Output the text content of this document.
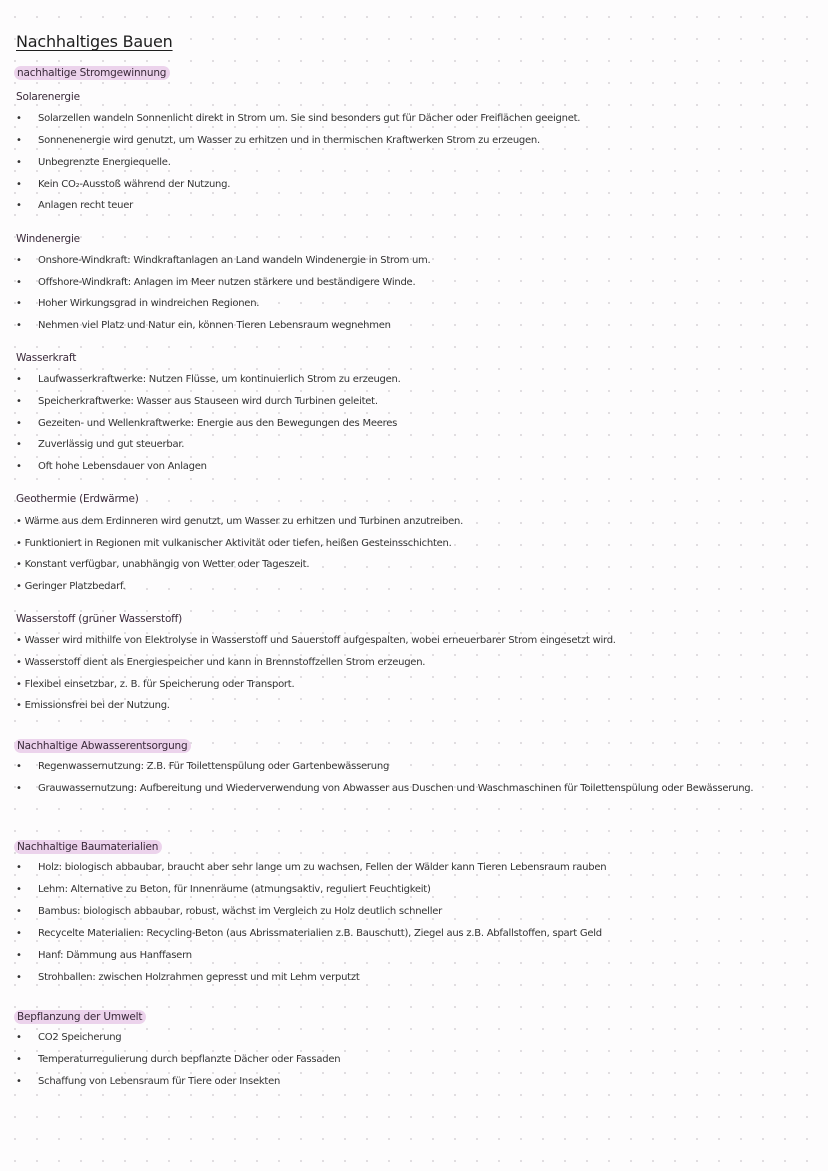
Nachhaltiges Bauen
nachhaltige Stromgewinnung
Solarenergie
• Solarzellen wandeln Sonnenlicht direkt in Strom um. Sie sind besonders gut für Dächer oder Freiflächen geeignet.
• Sonnenenergie wird genutzt, um Wasser zu erhitzen und in thermischen Kraftwerken Strom zu erzeugen.
• Unbegrenzte Energiequelle.
• Kein CO₂-Ausstoß während der Nutzung.
• Anlagen recht teuer
Windenergie
• Onshore-Windkraft: Windkraftanlagen an Land wandeln Windenergie in Strom um.
• Offshore-Windkraft: Anlagen im Meer nutzen stärkere und beständigere Winde.
• Hoher Wirkungsgrad in windreichen Regionen.
• Nehmen viel Platz und Natur ein, können Tieren Lebensraum wegnehmen
Wasserkraft
• Laufwasserkraftwerke: Nutzen Flüsse, um kontinuierlich Strom zu erzeugen.
• Speicherkraftwerke: Wasser aus Stauseen wird durch Turbinen geleitet.
• Gezeiten- und Wellenkraftwerke: Energie aus den Bewegungen des Meeres
• Zuverlässig und gut steuerbar.
• Oft hohe Lebensdauer von Anlagen
Geothermie (Erdwärme)
• Wärme aus dem Erdinneren wird genutzt, um Wasser zu erhitzen und Turbinen anzutreiben.
• Funktioniert in Regionen mit vulkanischer Aktivität oder tiefen, heißen Gesteinsschichten.
• Konstant verfügbar, unabhängig von Wetter oder Tageszeit.
• Geringer Platzbedarf.
Wasserstoff (grüner Wasserstoff)
• Wasser wird mithilfe von Elektrolyse in Wasserstoff und Sauerstoff aufgespalten, wobei erneuerbarer Strom eingesetzt wird.
• Wasserstoff dient als Energiespeicher und kann in Brennstoffzellen Strom erzeugen.
• Flexibel einsetzbar, z. B. für Speicherung oder Transport.
• Emissionsfrei bei der Nutzung.
Nachhaltige Abwasserentsorgung
• Regenwassernutzung: Z.B. Für Toilettenspülung oder Gartenbewässerung
• Grauwassernutzung: Aufbereitung und Wiederverwendung von Abwasser aus Duschen und Waschmaschinen für Toilettenspülung oder Bewässerung.
Nachhaltige Baumaterialien
• Holz: biologisch abbaubar, braucht aber sehr lange um zu wachsen, Fellen der Wälder kann Tieren Lebensraum rauben
• Lehm: Alternative zu Beton, für Innenräume (atmungsaktiv, reguliert Feuchtigkeit)
• Bambus: biologisch abbaubar, robust, wächst im Vergleich zu Holz deutlich schneller
• Recycelte Materialien: Recycling-Beton (aus Abrissmaterialien z.B. Bauschutt), Ziegel aus z.B. Abfallstoffen, spart Geld
• Hanf: Dämmung aus Hanffasern
• Strohballen: zwischen Holzrahmen gepresst und mit Lehm verputzt
Bepflanzung der Umwelt
• CO2 Speicherung
• Temperaturregulierung durch bepflanzte Dächer oder Fassaden
• Schaffung von Lebensraum für Tiere oder Insekten
